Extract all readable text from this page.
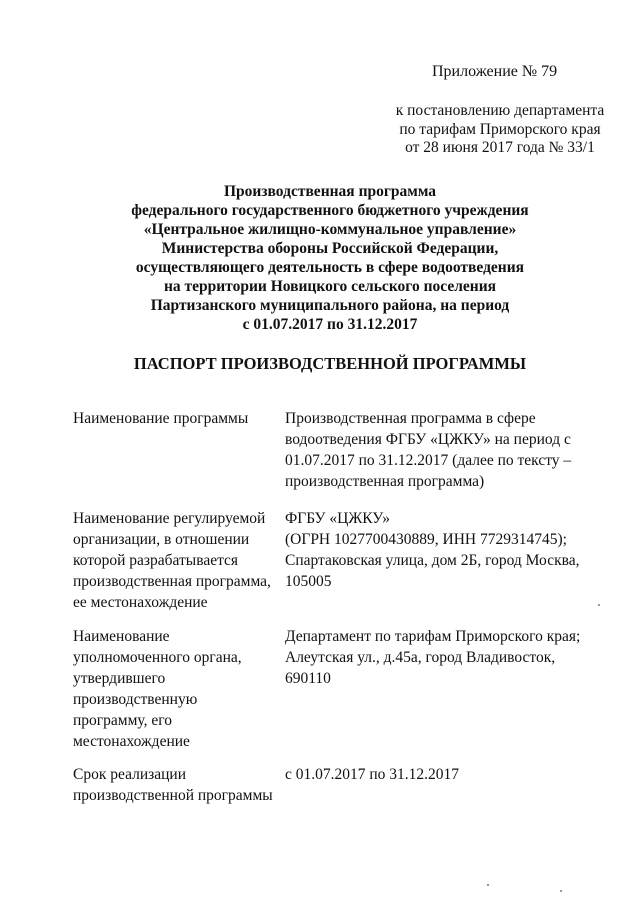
Приложение № 79
к постановлению департамента
по тарифам Приморского края
от 28 июня 2017 года № 33/1
Производственная программа
федерального государственного бюджетного учреждения
«Центральное жилищно-коммунальное управление»
Министерства обороны Российской Федерации,
осуществляющего деятельность в сфере водоотведения
на территории Новицкого сельского поселения
Партизанского муниципального района, на период
с 01.07.2017 по 31.12.2017
ПАСПОРТ ПРОИЗВОДСТВЕННОЙ ПРОГРАММЫ
Наименование программы Производственная программа в сфере
водоотведения ФГБУ «ЦЖКУ» на период с
01.07.2017 по 31.12.2017 (далее по тексту –
производственная программа)
Наименование регулируемой
организации, в отношении
которой разрабатывается
производственная программа,
ее местонахождение
ФГБУ «ЦЖКУ»
(ОГРН 1027700430889, ИНН 7729314745);
Спартаковская улица, дом 2Б, город Москва,
105005
Наименование
уполномоченного органа,
утвердившего
производственную
программу, его
местонахождение
Департамент по тарифам Приморского края;
Алеутская ул., д.45а, город Владивосток,
690110
Срок реализации
производственной программы
с 01.07.2017 по 31.12.2017
